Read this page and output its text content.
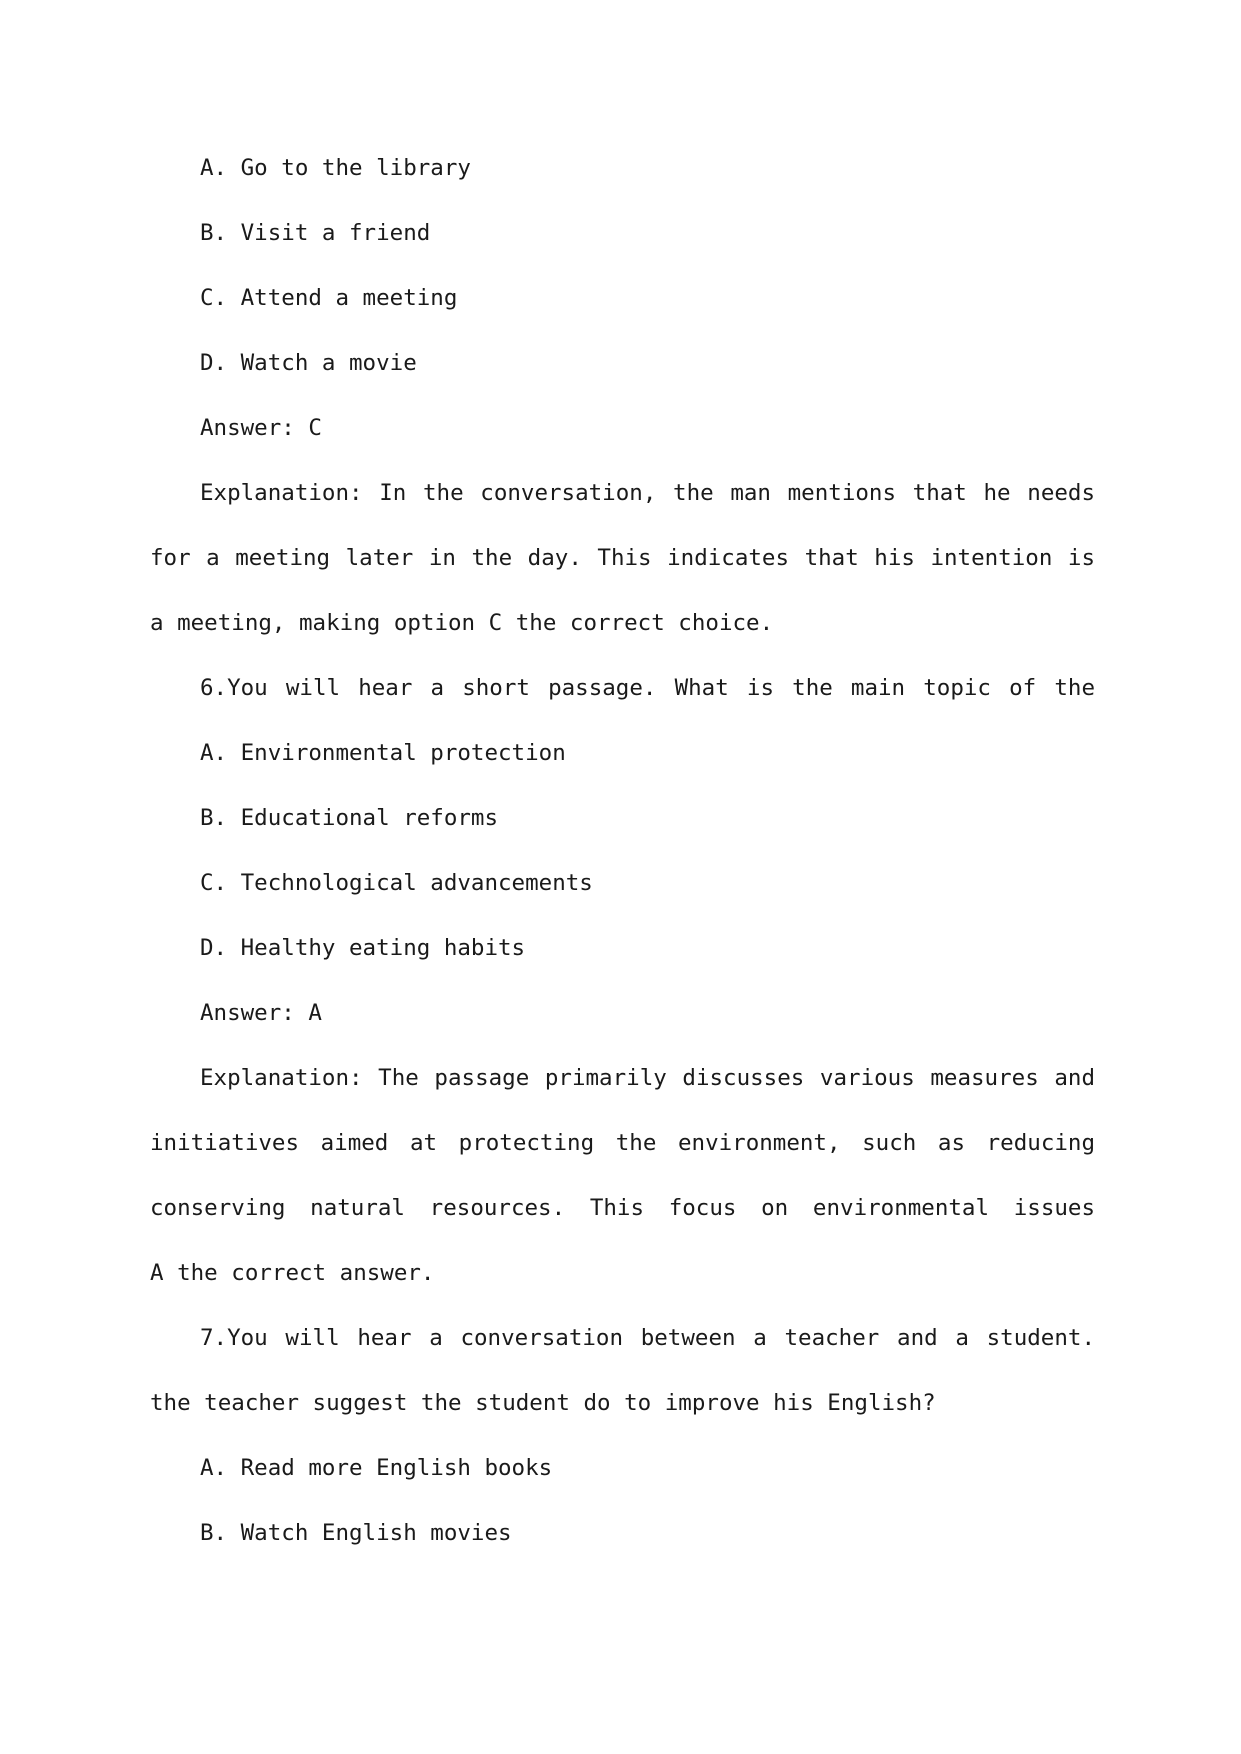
A. Go to the library
B. Visit a friend
C. Attend a meeting
D. Watch a movie
Answer: C
Explanation: In the conversation, the man mentions that he needs
for a meeting later in the day. This indicates that his intention is
a meeting, making option C the correct choice.
6.You will hear a short passage. What is the main topic of the
A. Environmental protection
B. Educational reforms
C. Technological advancements
D. Healthy eating habits
Answer: A
Explanation: The passage primarily discusses various measures and
initiatives aimed at protecting the environment, such as reducing
conserving natural resources. This focus on environmental issues
A the correct answer.
7.You will hear a conversation between a teacher and a student.
the teacher suggest the student do to improve his English?
A. Read more English books
B. Watch English movies
